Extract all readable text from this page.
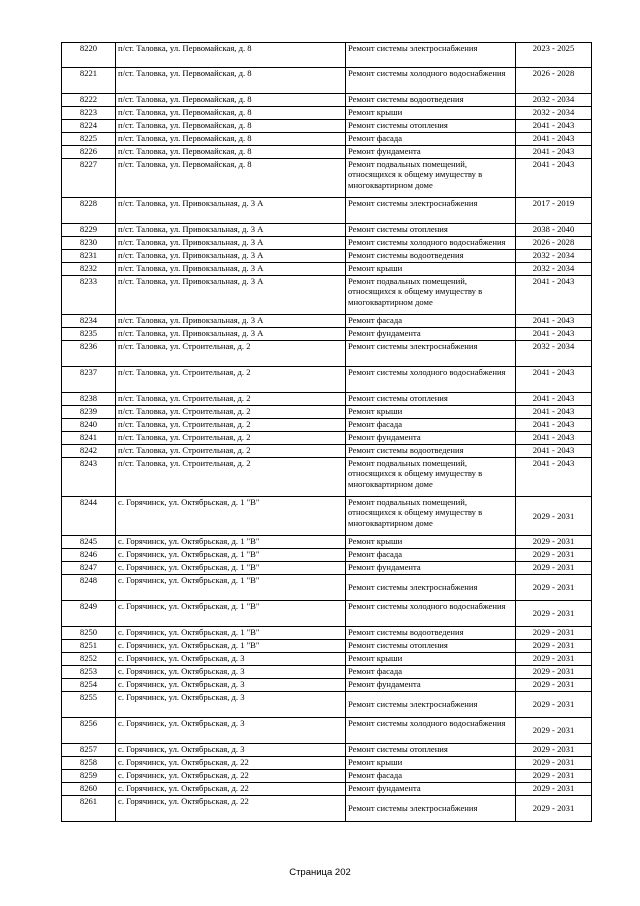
8220	п/ст. Таловка, ул. Первомайская, д. 8	Ремонт системы электроснабжения	2023 - 2025
8221	п/ст. Таловка, ул. Первомайская, д. 8	Ремонт системы холодного водоснабжения	2026 - 2028
8222	п/ст. Таловка, ул. Первомайская, д. 8	Ремонт системы водоотведения	2032 - 2034
8223	п/ст. Таловка, ул. Первомайская, д. 8	Ремонт крыши	2032 - 2034
8224	п/ст. Таловка, ул. Первомайская, д. 8	Ремонт системы отопления	2041 - 2043
8225	п/ст. Таловка, ул. Первомайская, д. 8	Ремонт фасада	2041 - 2043
8226	п/ст. Таловка, ул. Первомайская, д. 8	Ремонт фундамента	2041 - 2043
8227	п/ст. Таловка, ул. Первомайская, д. 8	Ремонт подвальных помещений, относящихся к общему имуществу в многоквартирном доме	2041 - 2043
8228	п/ст. Таловка, ул. Привокзальная, д. 3 А	Ремонт системы электроснабжения	2017 - 2019
8229	п/ст. Таловка, ул. Привокзальная, д. 3 А	Ремонт системы отопления	2038 - 2040
8230	п/ст. Таловка, ул. Привокзальная, д. 3 А	Ремонт системы холодного водоснабжения	2026 - 2028
8231	п/ст. Таловка, ул. Привокзальная, д. 3 А	Ремонт системы водоотведения	2032 - 2034
8232	п/ст. Таловка, ул. Привокзальная, д. 3 А	Ремонт крыши	2032 - 2034
8233	п/ст. Таловка, ул. Привокзальная, д. 3 А	Ремонт подвальных помещений, относящихся к общему имуществу в многоквартирном доме	2041 - 2043
8234	п/ст. Таловка, ул. Привокзальная, д. 3 А	Ремонт фасада	2041 - 2043
8235	п/ст. Таловка, ул. Привокзальная, д. 3 А	Ремонт фундамента	2041 - 2043
8236	п/ст. Таловка, ул. Строительная, д. 2	Ремонт системы электроснабжения	2032 - 2034
8237	п/ст. Таловка, ул. Строительная, д. 2	Ремонт системы холодного водоснабжения	2041 - 2043
8238	п/ст. Таловка, ул. Строительная, д. 2	Ремонт системы отопления	2041 - 2043
8239	п/ст. Таловка, ул. Строительная, д. 2	Ремонт крыши	2041 - 2043
8240	п/ст. Таловка, ул. Строительная, д. 2	Ремонт фасада	2041 - 2043
8241	п/ст. Таловка, ул. Строительная, д. 2	Ремонт фундамента	2041 - 2043
8242	п/ст. Таловка, ул. Строительная, д. 2	Ремонт системы водоотведения	2041 - 2043
8243	п/ст. Таловка, ул. Строительная, д. 2	Ремонт подвальных помещений, относящихся к общему имуществу в многоквартирном доме	2041 - 2043
8244	с. Горячинск, ул. Октябрьская, д. 1 "В"	Ремонт подвальных помещений, относящихся к общему имуществу в многоквартирном доме	2029 - 2031
8245	с. Горячинск, ул. Октябрьская, д. 1 "В"	Ремонт крыши	2029 - 2031
8246	с. Горячинск, ул. Октябрьская, д. 1 "В"	Ремонт фасада	2029 - 2031
8247	с. Горячинск, ул. Октябрьская, д. 1 "В"	Ремонт фундамента	2029 - 2031
8248	с. Горячинск, ул. Октябрьская, д. 1 "В"	Ремонт системы электроснабжения	2029 - 2031
8249	с. Горячинск, ул. Октябрьская, д. 1 "В"	Ремонт системы холодного водоснабжения	2029 - 2031
8250	с. Горячинск, ул. Октябрьская, д. 1 "В"	Ремонт системы водоотведения	2029 - 2031
8251	с. Горячинск, ул. Октябрьская, д. 1 "В"	Ремонт системы отопления	2029 - 2031
8252	с. Горячинск, ул. Октябрьская, д. 3	Ремонт крыши	2029 - 2031
8253	с. Горячинск, ул. Октябрьская, д. 3	Ремонт фасада	2029 - 2031
8254	с. Горячинск, ул. Октябрьская, д. 3	Ремонт фундамента	2029 - 2031
8255	с. Горячинск, ул. Октябрьская, д. 3	Ремонт системы электроснабжения	2029 - 2031
8256	с. Горячинск, ул. Октябрьская, д. 3	Ремонт системы холодного водоснабжения	2029 - 2031
8257	с. Горячинск, ул. Октябрьская, д. 3	Ремонт системы отопления	2029 - 2031
8258	с. Горячинск, ул. Октябрьская, д. 22	Ремонт крыши	2029 - 2031
8259	с. Горячинск, ул. Октябрьская, д. 22	Ремонт фасада	2029 - 2031
8260	с. Горячинск, ул. Октябрьская, д. 22	Ремонт фундамента	2029 - 2031
8261	с. Горячинск, ул. Октябрьская, д. 22	Ремонт системы электроснабжения	2029 - 2031
Страница 202
